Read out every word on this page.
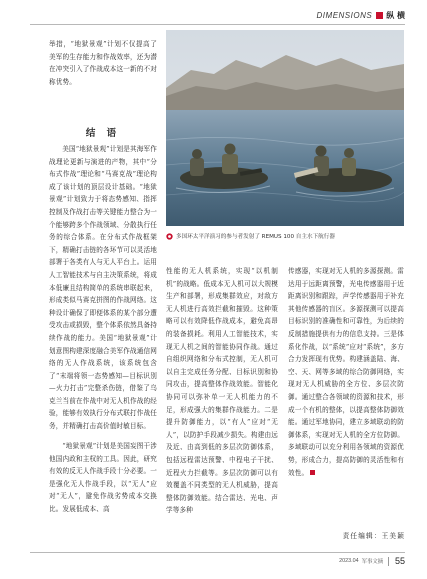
DIMENSIONS 纵 横

举措，“地狱景观”计划不仅提高了美军的生存能力和作战效率，还为潜在冲突引入了作战成本这一新的不对称优势。

结 语

美国“地狱景观”计划是其海军作战理论更新与演进的产物，其中“分布式作战”理论和“马赛克战”理论构成了该计划的顶层设计基础。“地狱景观”计划致力于将态势感知、指挥控制及作战打击等关键能力整合为一个能够跨多个作战领域、分散执行任务的综合体系。在分布式作战框架下，精确打击链的各环节可以灵活地部署于各类有人与无人平台上。运用人工智能技术与自主决策系统，将成本低廉且结构简单的系统串联起来，形成类似马赛克拼图的作战网络。这种设计确保了即便体系的某个部分遭受攻击或损毁，整个体系依然具备持续作战的能力。美国“地狱景观”计划意图构建深度融合美军作战通信网络的无人作战系统，该系统包含了“末端将领一态势感知—目标识别—火力打击”完整杀伤链，借鉴了乌克兰当前在作战中对无人机作战的经验，能够有效执行分布式联打作战任务，并精确打击高价值时敏目标。

“地狱景观”计划是美国妄图干涉他国内政和主权的工具。因此，研究有效的反无人作战手段十分必要。一是强化无人作战手段，以“无人”应对“无人”，避免作战劣势成本交换比。发展低成本、高

多国环太平洋演习的参与者发射了 REMUS 100 自主水下航行器

性能的无人机系统，实现“以机制机”的战略。低成本无人机可以大规模生产和部署，形成集群效应，对敌方无人机进行高效拦截和摧毁。这种策略可以有效降低作战成本，避免高昂的装备损耗。利用人工智能技术，实现无人机之间的智能协同作战。通过自组织网络和分布式控制，无人机可以自主完成任务分配、目标识别和协同攻击，提高整体作战效能。智能化协同可以弥补单一无人机能力的不足，形成强大的集群作战能力。二是提升防御能力，以“有人”应对“无人”，以防护手段减少损失。构建由远及近、由高到低的多层次防御体系，包括远程雷达预警、中程电子干扰、近程火力拦截等。多层次防御可以有效覆盖不同类型的无人机威胁，提高整体防御效能。结合雷达、光电、声学等多种

传感器，实现对无人机的多源探测。雷达用于远距离预警，光电传感器用于近距离识别和跟踪，声学传感器用于补充其他传感器的盲区。多源探测可以提高目标识别的准确性和可靠性，为后续的反制措施提供有力的信息支持。三是体系化作战，以“系统”应对“系统”，多方合力发挥现有优势。构建涵盖陆、海、空、天、网等多域的综合防御网络，实现对无人机威胁的全方位、多层次防御。通过整合各领域的资源和技术，形成一个有机的整体，以提高整体防御效能。通过军地协同，建立多域联动的防御体系，实现对无人机的全方位防御。多域联动可以充分利用各领域的资源优势，形成合力，提高防御的灵活性和有效性。

责任编辑：王美颖
2023.04 军事文摘 55
